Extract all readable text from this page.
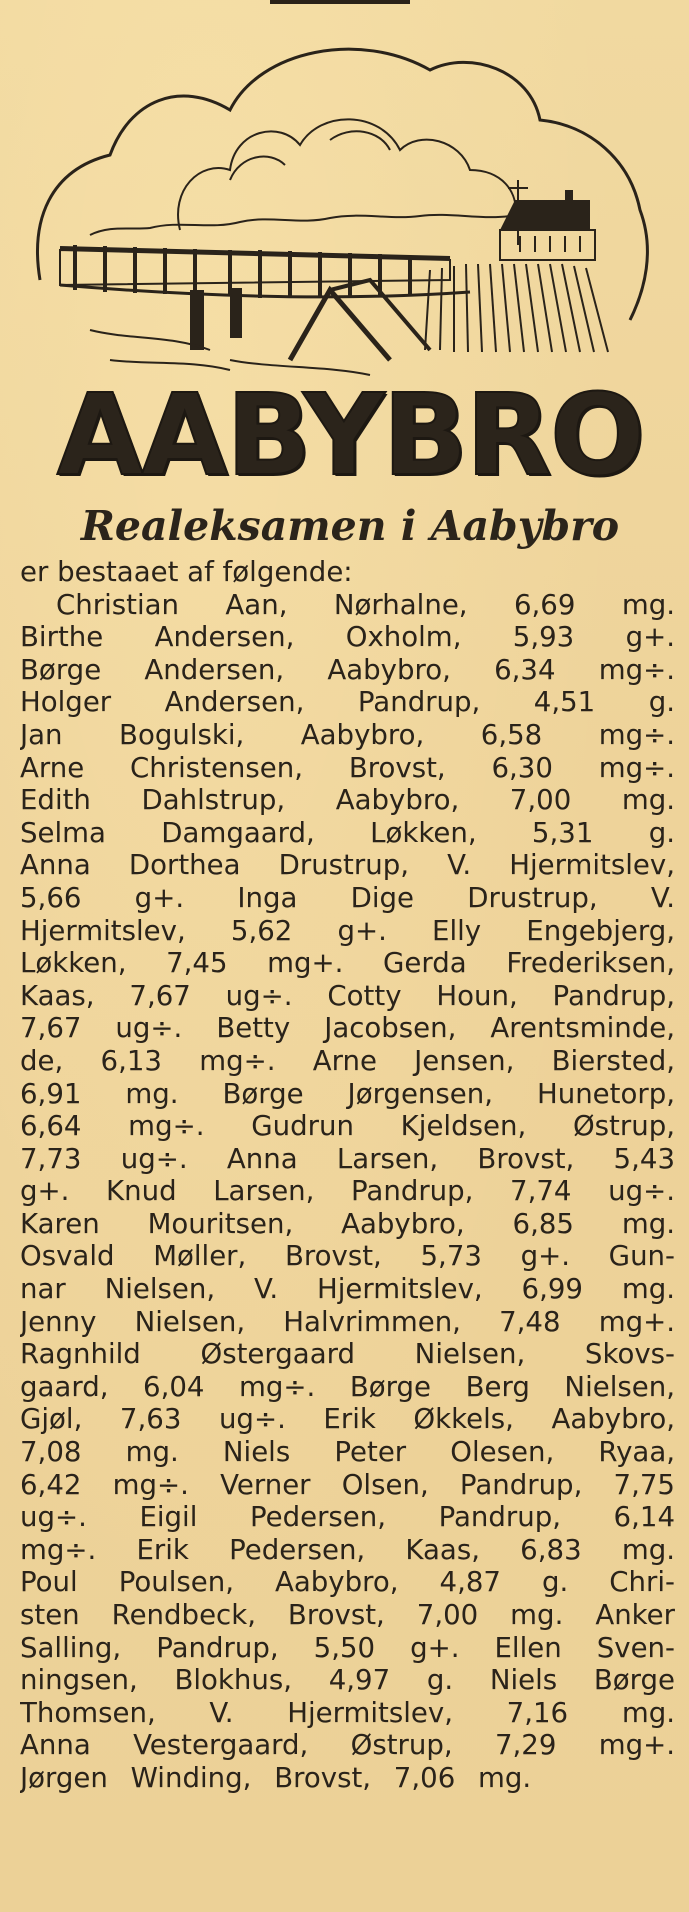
AABYBRO
Realeksamen i Aabybro
er bestaaet af følgende:
Christian Aan, Nørhalne, 6,69 mg.
Birthe Andersen, Oxholm, 5,93 g+.
Børge Andersen, Aabybro, 6,34 mg÷.
Holger Andersen, Pandrup, 4,51 g.
Jan Bogulski, Aabybro, 6,58 mg÷.
Arne Christensen, Brovst, 6,30 mg÷.
Edith Dahlstrup, Aabybro, 7,00 mg.
Selma Damgaard, Løkken, 5,31 g.
Anna Dorthea Drustrup, V. Hjermitslev,
5,66 g+. Inga Dige Drustrup, V.
Hjermitslev, 5,62 g+. Elly Engebjerg,
Løkken, 7,45 mg+. Gerda Frederiksen,
Kaas, 7,67 ug÷. Cotty Houn, Pandrup,
7,67 ug÷. Betty Jacobsen, Arentsminde,
de, 6,13 mg÷. Arne Jensen, Biersted,
6,91 mg. Børge Jørgensen, Hunetorp,
6,64 mg÷. Gudrun Kjeldsen, Østrup,
7,73 ug÷. Anna Larsen, Brovst, 5,43
g+. Knud Larsen, Pandrup, 7,74 ug÷.
Karen Mouritsen, Aabybro, 6,85 mg.
Osvald Møller, Brovst, 5,73 g+. Gun-
nar Nielsen, V. Hjermitslev, 6,99 mg.
Jenny Nielsen, Halvrimmen, 7,48 mg+.
Ragnhild Østergaard Nielsen, Skovs-
gaard, 6,04 mg÷. Børge Berg Nielsen,
Gjøl, 7,63 ug÷. Erik Økkels, Aabybro,
7,08 mg. Niels Peter Olesen, Ryaa,
6,42 mg÷. Verner Olsen, Pandrup, 7,75
ug÷. Eigil Pedersen, Pandrup, 6,14
mg÷. Erik Pedersen, Kaas, 6,83 mg.
Poul Poulsen, Aabybro, 4,87 g. Chri-
sten Rendbeck, Brovst, 7,00 mg. Anker
Salling, Pandrup, 5,50 g+. Ellen Sven-
ningsen, Blokhus, 4,97 g. Niels Børge
Thomsen, V. Hjermitslev, 7,16 mg.
Anna Vestergaard, Østrup, 7,29 mg+.
Jørgen Winding, Brovst, 7,06 mg.
